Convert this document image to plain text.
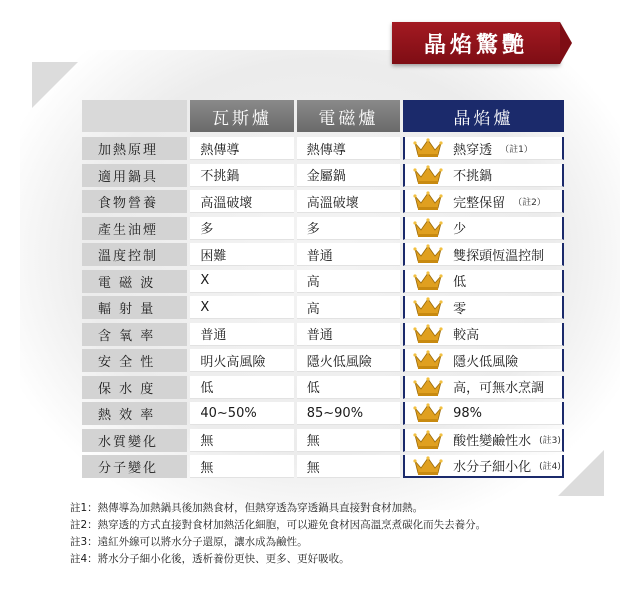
晶焰驚艷
瓦斯爐	電磁爐	晶焰爐
加熱原理	熱傳導	熱傳導	熱穿透 （註1）
適用鍋具	不挑鍋	金屬鍋	不挑鍋
食物營養	高溫破壞	高溫破壞	完整保留 （註2）
產生油煙	多	多	少
溫度控制	困難	普通	雙探頭恆溫控制
電 磁 波	X	高	低
輻 射 量	X	高	零
含 氧 率	普通	普通	較高
安 全 性	明火高風險	隱火低風險	隱火低風險
保 水 度	低	低	高，可無水烹調
熱 效 率	40~50%	85~90%	98%
水質變化	無	無	酸性變鹼性水 (註3)
分子變化	無	無	水分子細小化 (註4)
註1：熱傳導為加熱鍋具後加熱食材，但熱穿透為穿透鍋具直接對食材加熱。
註2：熱穿透的方式直接對食材加熱活化細胞，可以避免食材因高溫烹煮碳化而失去養分。
註3：遠紅外線可以將水分子還原，讓水成為鹼性。
註4：將水分子細小化後，透析養份更快、更多、更好吸收。
